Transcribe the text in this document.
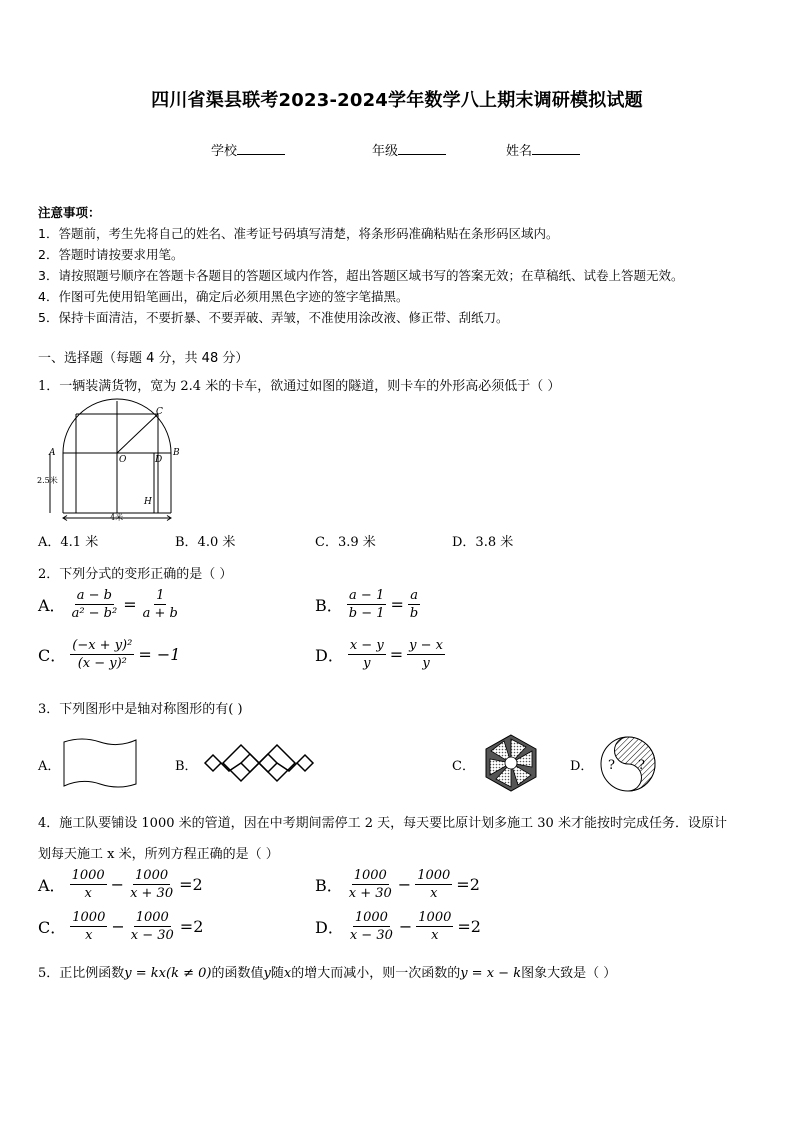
四川省渠县联考2023-2024学年数学八上期末调研模拟试题
学校	年级	姓名
注意事项：
1．答题前，考生先将自己的姓名、准考证号码填写清楚，将条形码准确粘贴在条形码区域内。
2．答题时请按要求用笔。
3．请按照题号顺序在答题卡各题目的答题区域内作答，超出答题区域书写的答案无效；在草稿纸、试卷上答题无效。
4．作图可先使用铅笔画出，确定后必须用黑色字迹的签字笔描黑。
5．保持卡面清洁，不要折暴、不要弄破、弄皱，不准使用涂改液、修正带、刮纸刀。
一、选择题（每题 4 分，共 48 分）
1．一辆装满货物，宽为 2.4 米的卡车，欲通过如图的隧道，则卡车的外形高必须低于（ ）
A	B
C
D
O
H
2.5米
4米
A．4.1 米	B．4.0 米	C．3.9 米	D．3.8 米
2．下列分式的变形正确的是（ ）
A． $\frac{a - b}{\text{a² − b²}} = \frac{1}{a + b}$	B． $\frac{a - 1}{b - 1} = \frac{a}{b}$
C． $\frac{\text{(−x + y)²}}{\text{(x − y)²}} = -1$	D． $\frac{x - y}{y} = \frac{y - x}{y}$
3．下列图形中是轴对称图形的有( )
A．	B．	C．	D． ? ?
4．施工队要铺设 1000 米的管道，因在中考期间需停工 2 天，每天要比原计划多施工 30 米才能按时完成任务．设原计
划每天施工 x 米，所列方程正确的是（ ）
A． $\frac{1000}{x} - \frac{1000}{x + 30} =2$	B． $\frac{1000}{x + 30} - \frac{1000}{x} =2$
C． $\frac{1000}{x} - \frac{1000}{x - 30} =2$	D． $\frac{1000}{x - 30} - \frac{1000}{x} =2$
5．正比例函数y = kx(k ≠ 0)的函数值y随x的增大而减小，则一次函数的y = x − k图象大致是（ ）
